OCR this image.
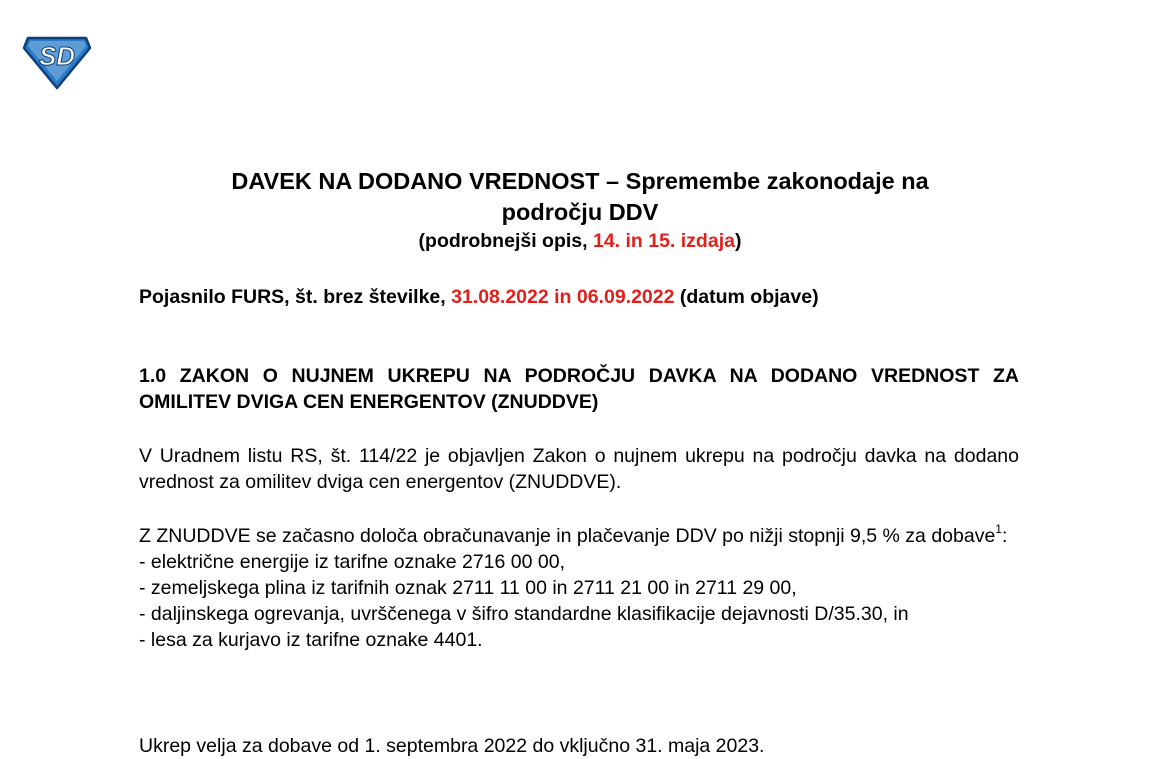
SD
DAVEK NA DODANO VREDNOST – Spremembe zakonodaje na
področju DDV
(podrobnejši opis, 14. in 15. izdaja)
Pojasnilo FURS, št. brez številke, 31.08.2022 in 06.09.2022 (datum objave)
1.0 ZAKON O NUJNEM UKREPU NA PODROČJU DAVKA NA DODANO VREDNOST ZA OMILITEV DVIGA CEN ENERGENTOV (ZNUDDVE)
V Uradnem listu RS, št. 114/22 je objavljen Zakon o nujnem ukrepu na področju davka na dodano vrednost za omilitev dviga cen energentov (ZNUDDVE).
Z ZNUDDVE se začasno določa obračunavanje in plačevanje DDV po nižji stopnji 9,5 % za dobave$^1$:
- električne energije iz tarifne oznake 2716 00 00,
- zemeljskega plina iz tarifnih oznak 2711 11 00 in 2711 21 00 in 2711 29 00,
- daljinskega ogrevanja, uvrščenega v šifro standardne klasifikacije dejavnosti D/35.30, in
- lesa za kurjavo iz tarifne oznake 4401.
Ukrep velja za dobave od 1. septembra 2022 do vključno 31. maja 2023.
